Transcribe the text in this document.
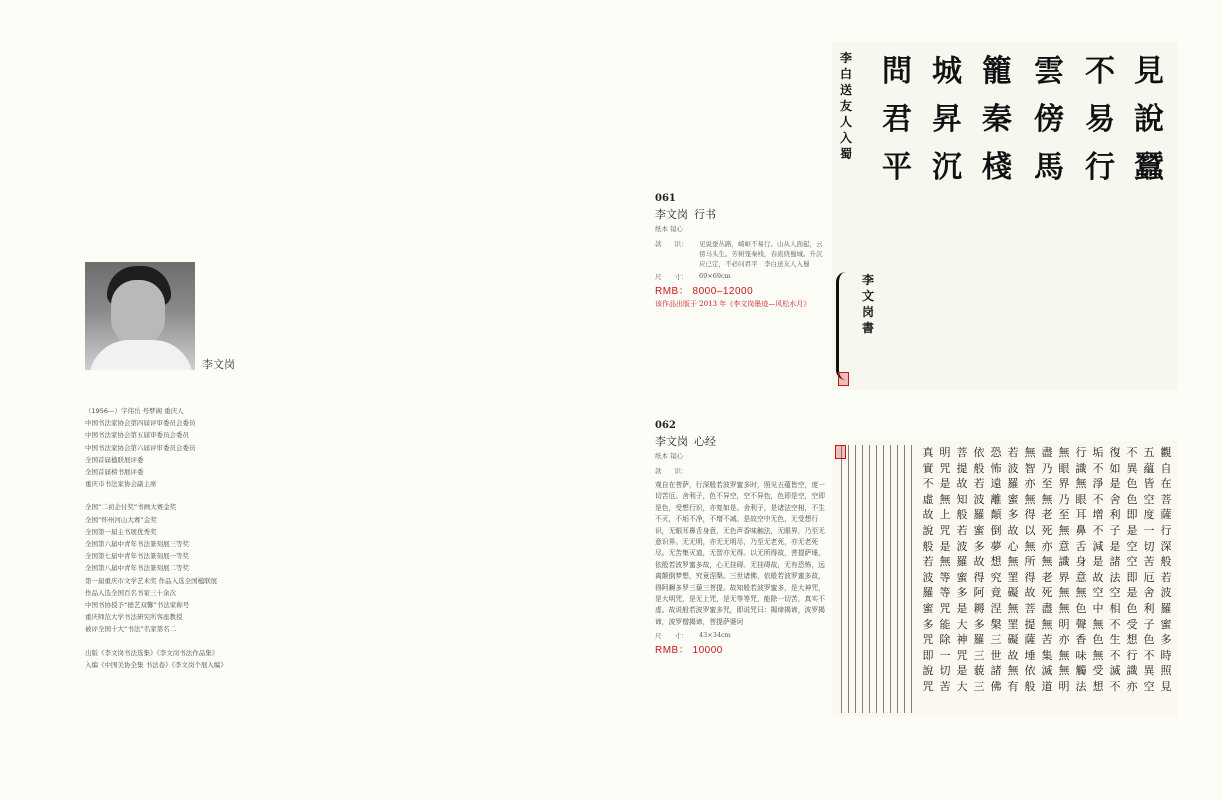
李文岗
（1956—）字伟岳 号梦阁 重庆人
中国书法家协会第四届评审委员会委员
中国书法家协会第五届审委员会委员
中国书法家协会第六届评审委员会委员
全国首届楹联展评委
全国首届榜书展评委
重庆市书法家协会副主席
全国“二初企付奖”书画大赛金奖
全国“怀州河山大赛”金奖
全国第一届主书展优秀奖
全国第六届中青年书法篆刻展三等奖
全国第七届中青年书法篆刻展一等奖
全国第八届中青年书法篆刻展二等奖
第一届重庆市文学艺术奖 作品入选全国楹联展
作品入选全国百名书家三十余次
中国书协授予“德艺双馨”书法家称号
重庆师范大学书法研究所客座教授
被评全国十大“书法”名家第名二
出版《李文岗书法选集》《李文岗书法作品集》
入编《中国美协全集 书法卷》《李文岗个展入编》
061
李文岗 行书
纸本 镜心
款　　识：	见说蚕丛路，崎岖不易行。山从人面起，云傍马头生。芳树笼秦栈，春流绕蜀城。升沉应已定，不必问君平　李白送友人入蜀
尺　　寸：	69×69cm
RMB： 8000–12000
该作品出版于 2013 年《李文岗墨迹—风松水月》
見
說
蠶
不
易
行
雲
傍
馬
籠
秦
棧
城
昇
沉
問
君
平
李
白
送
友
人
入
蜀
李
文
岗
書
062
李文岗 心经
纸本 镜心
款　　识：
观自在菩萨，行深般若波罗蜜多时，照见五蕴皆空，度一切苦厄。舍利子，色不异空，空不异色，色即是空，空即是色，受想行识，亦复如是。舍利子，是诸法空相，不生不灭，不垢不净，不增不减。是故空中无色，无受想行识，无眼耳鼻舌身意，无色声香味触法，无眼界，乃至无意识界。无无明，亦无无明尽，乃至无老死，亦无老死尽。无苦集灭道，无智亦无得。以无所得故，菩提萨埵，依般若波罗蜜多故，心无挂碍。无挂碍故，无有恐怖，远离颠倒梦想，究竟涅槃。三世诸佛，依般若波罗蜜多故，得阿耨多罗三藐三菩提。故知般若波罗蜜多，是大神咒，是大明咒，是无上咒，是无等等咒，能除一切苦，真实不虚。故说般若波罗蜜多咒，即说咒曰：揭谛揭谛，波罗揭谛，波罗僧揭谛，菩提萨婆诃
尺　　寸：	43×34cm
RMB： 10000
觀
自
在
菩
薩
行
深
般
若
波
羅
蜜
多
時
照
見
五
蘊
皆
空
度
一
切
苦
厄
舍
利
子
色
不
異
空
不
異
色
色
即
是
空
空
即
是
色
受
想
行
識
亦
復
如
是
舍
利
子
是
諸
法
空
相
不
生
不
滅
不
垢
不
淨
不
增
不
減
是
故
空
中
無
色
無
受
想
行
識
無
眼
耳
鼻
舌
身
意
無
色
聲
香
味
觸
法
無
眼
界
乃
至
無
意
識
界
無
無
明
亦
無
無
明
盡
乃
至
無
老
死
亦
無
老
死
盡
無
苦
集
滅
道
無
智
亦
無
得
以
無
所
得
故
菩
提
薩
埵
依
般
若
波
羅
蜜
多
故
心
無
罣
礙
無
罣
礙
故
無
有
恐
怖
遠
離
顛
倒
夢
想
究
竟
涅
槃
三
世
諸
佛
依
般
若
波
羅
蜜
多
故
得
阿
耨
多
羅
三
藐
三
菩
提
故
知
般
若
波
羅
蜜
多
是
大
神
咒
是
大
明
咒
是
無
上
咒
是
無
等
等
咒
能
除
一
切
苦
真
實
不
虛
故
說
般
若
波
羅
蜜
多
咒
即
說
咒
